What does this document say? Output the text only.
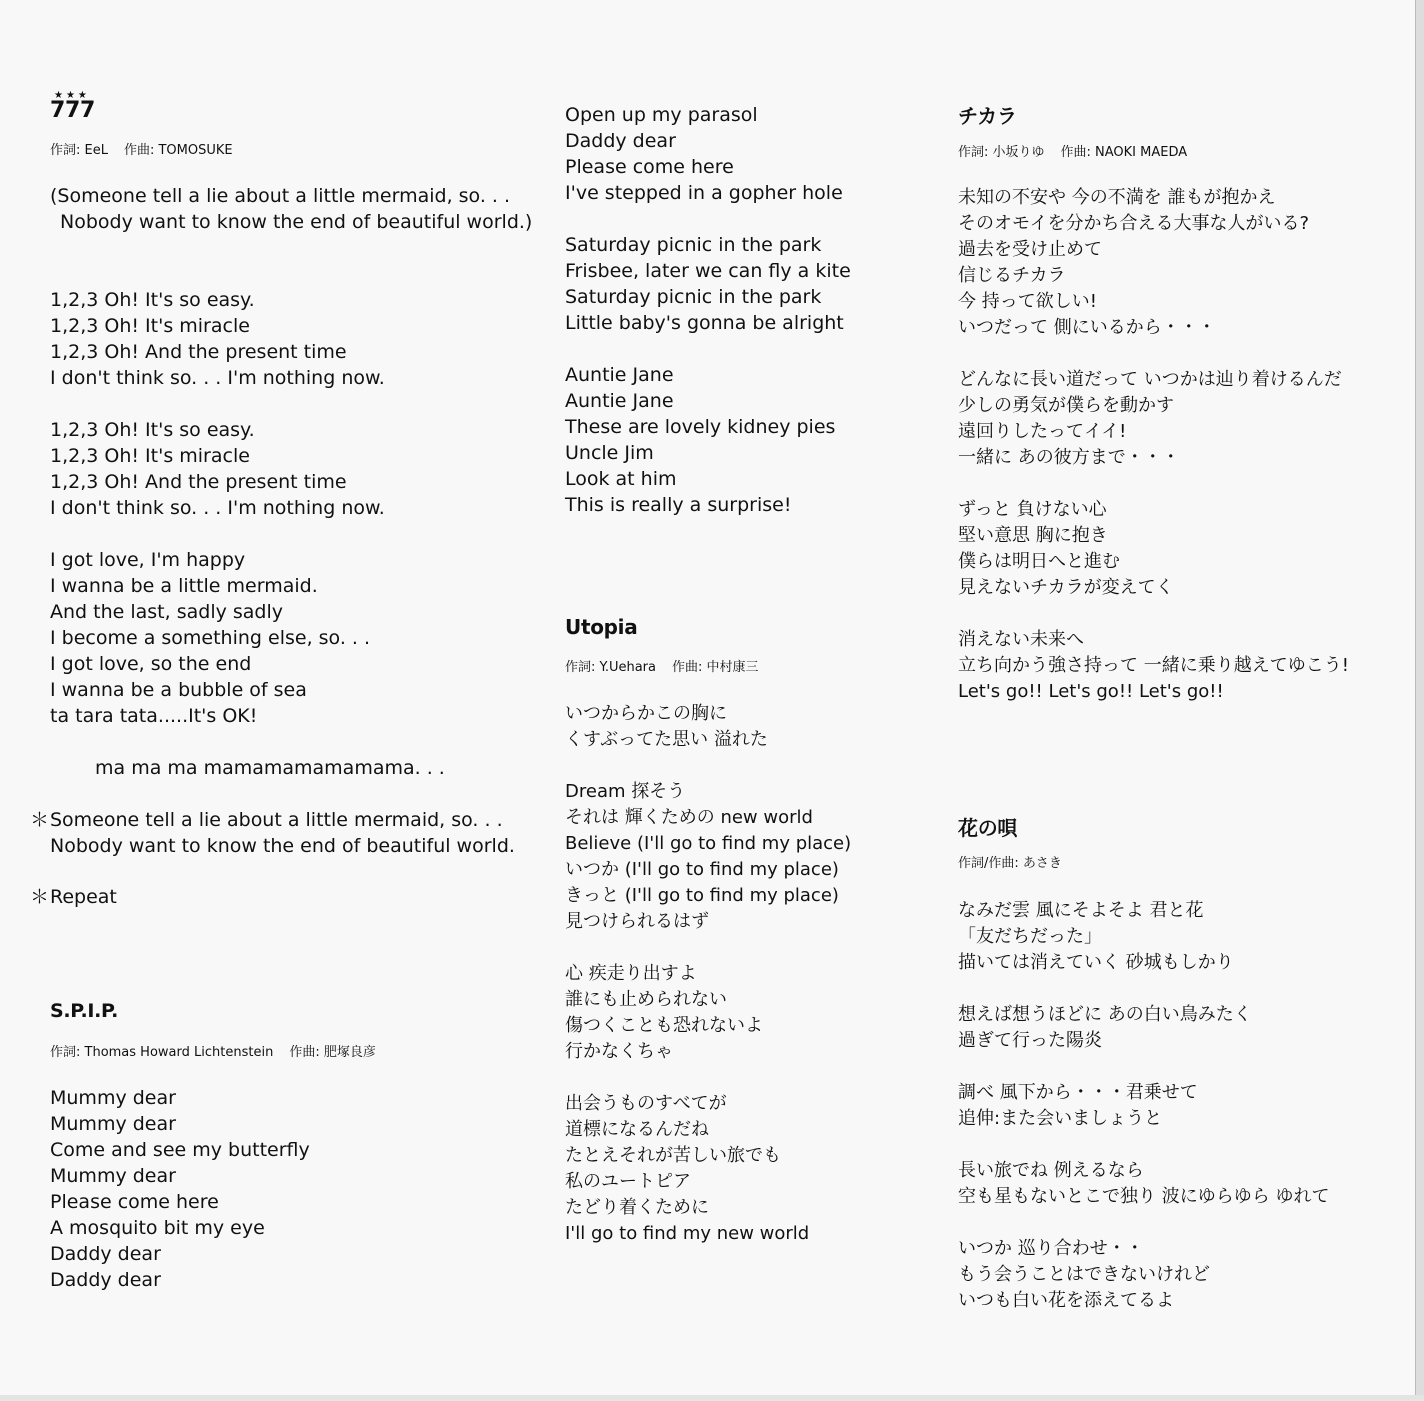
★★★
777
作詞: EeL 作曲: TOMOSUKE
(Someone tell a lie about a little mermaid, so. . .
Nobody want to know the end of beautiful world.)
1,2,3 Oh! It's so easy.
1,2,3 Oh! It's miracle
1,2,3 Oh! And the present time
I don't think so. . . I'm nothing now.
1,2,3 Oh! It's so easy.
1,2,3 Oh! It's miracle
1,2,3 Oh! And the present time
I don't think so. . . I'm nothing now.
I got love, I'm happy
I wanna be a little mermaid.
And the last, sadly sadly
I become a something else, so. . .
I got love, so the end
I wanna be a bubble of sea
ta tara tata.....It's OK!
ma ma ma mamamamamamama. . .
＊ Someone tell a lie about a little mermaid, so. . .
Nobody want to know the end of beautiful world.
＊ Repeat
S.P.I.P.
作詞: Thomas Howard Lichtenstein 作曲: 肥塚良彦
Mummy dear
Mummy dear
Come and see my butterfly
Mummy dear
Please come here
A mosquito bit my eye
Daddy dear
Daddy dear
Open up my parasol
Daddy dear
Please come here
I've stepped in a gopher hole
Saturday picnic in the park
Frisbee, later we can fly a kite
Saturday picnic in the park
Little baby's gonna be alright
Auntie Jane
Auntie Jane
These are lovely kidney pies
Uncle Jim
Look at him
This is really a surprise!
Utopia
作詞: Y.Uehara 作曲: 中村康三
いつからかこの胸に
くすぶってた思い 溢れた
Dream 探そう
それは 輝くための new world
Believe (I'll go to find my place)
いつか (I'll go to find my place)
きっと (I'll go to find my place)
見つけられるはず
心 疾走り出すよ
誰にも止められない
傷つくことも恐れないよ
行かなくちゃ
出会うものすべてが
道標になるんだね
たとえそれが苦しい旅でも
私のユートピア
たどり着くために
I'll go to find my new world
チカラ
作詞: 小坂りゆ 作曲: NAOKI MAEDA
未知の不安や 今の不満を 誰もが抱かえ
そのオモイを分かち合える大事な人がいる?
過去を受け止めて
信じるチカラ
今 持って欲しい!
いつだって 側にいるから・・・
どんなに長い道だって いつかは辿り着けるんだ
少しの勇気が僕らを動かす
遠回りしたってイイ!
一緒に あの彼方まで・・・
ずっと 負けない心
堅い意思 胸に抱き
僕らは明日へと進む
見えないチカラが変えてく
消えない未来へ
立ち向かう強さ持って 一緒に乗り越えてゆこう!
Let's go!! Let's go!! Let's go!!
花の唄
作詞/作曲: あさき
なみだ雲 風にそよそよ 君と花
「友だちだった」
描いては消えていく 砂城もしかり
想えば想うほどに あの白い鳥みたく
過ぎて行った陽炎
調べ 風下から・・・君乗せて
追伸:また会いましょうと
長い旅でね 例えるなら
空も星もないとこで独り 波にゆらゆら ゆれて
いつか 巡り合わせ・・
もう会うことはできないけれど
いつも白い花を添えてるよ
